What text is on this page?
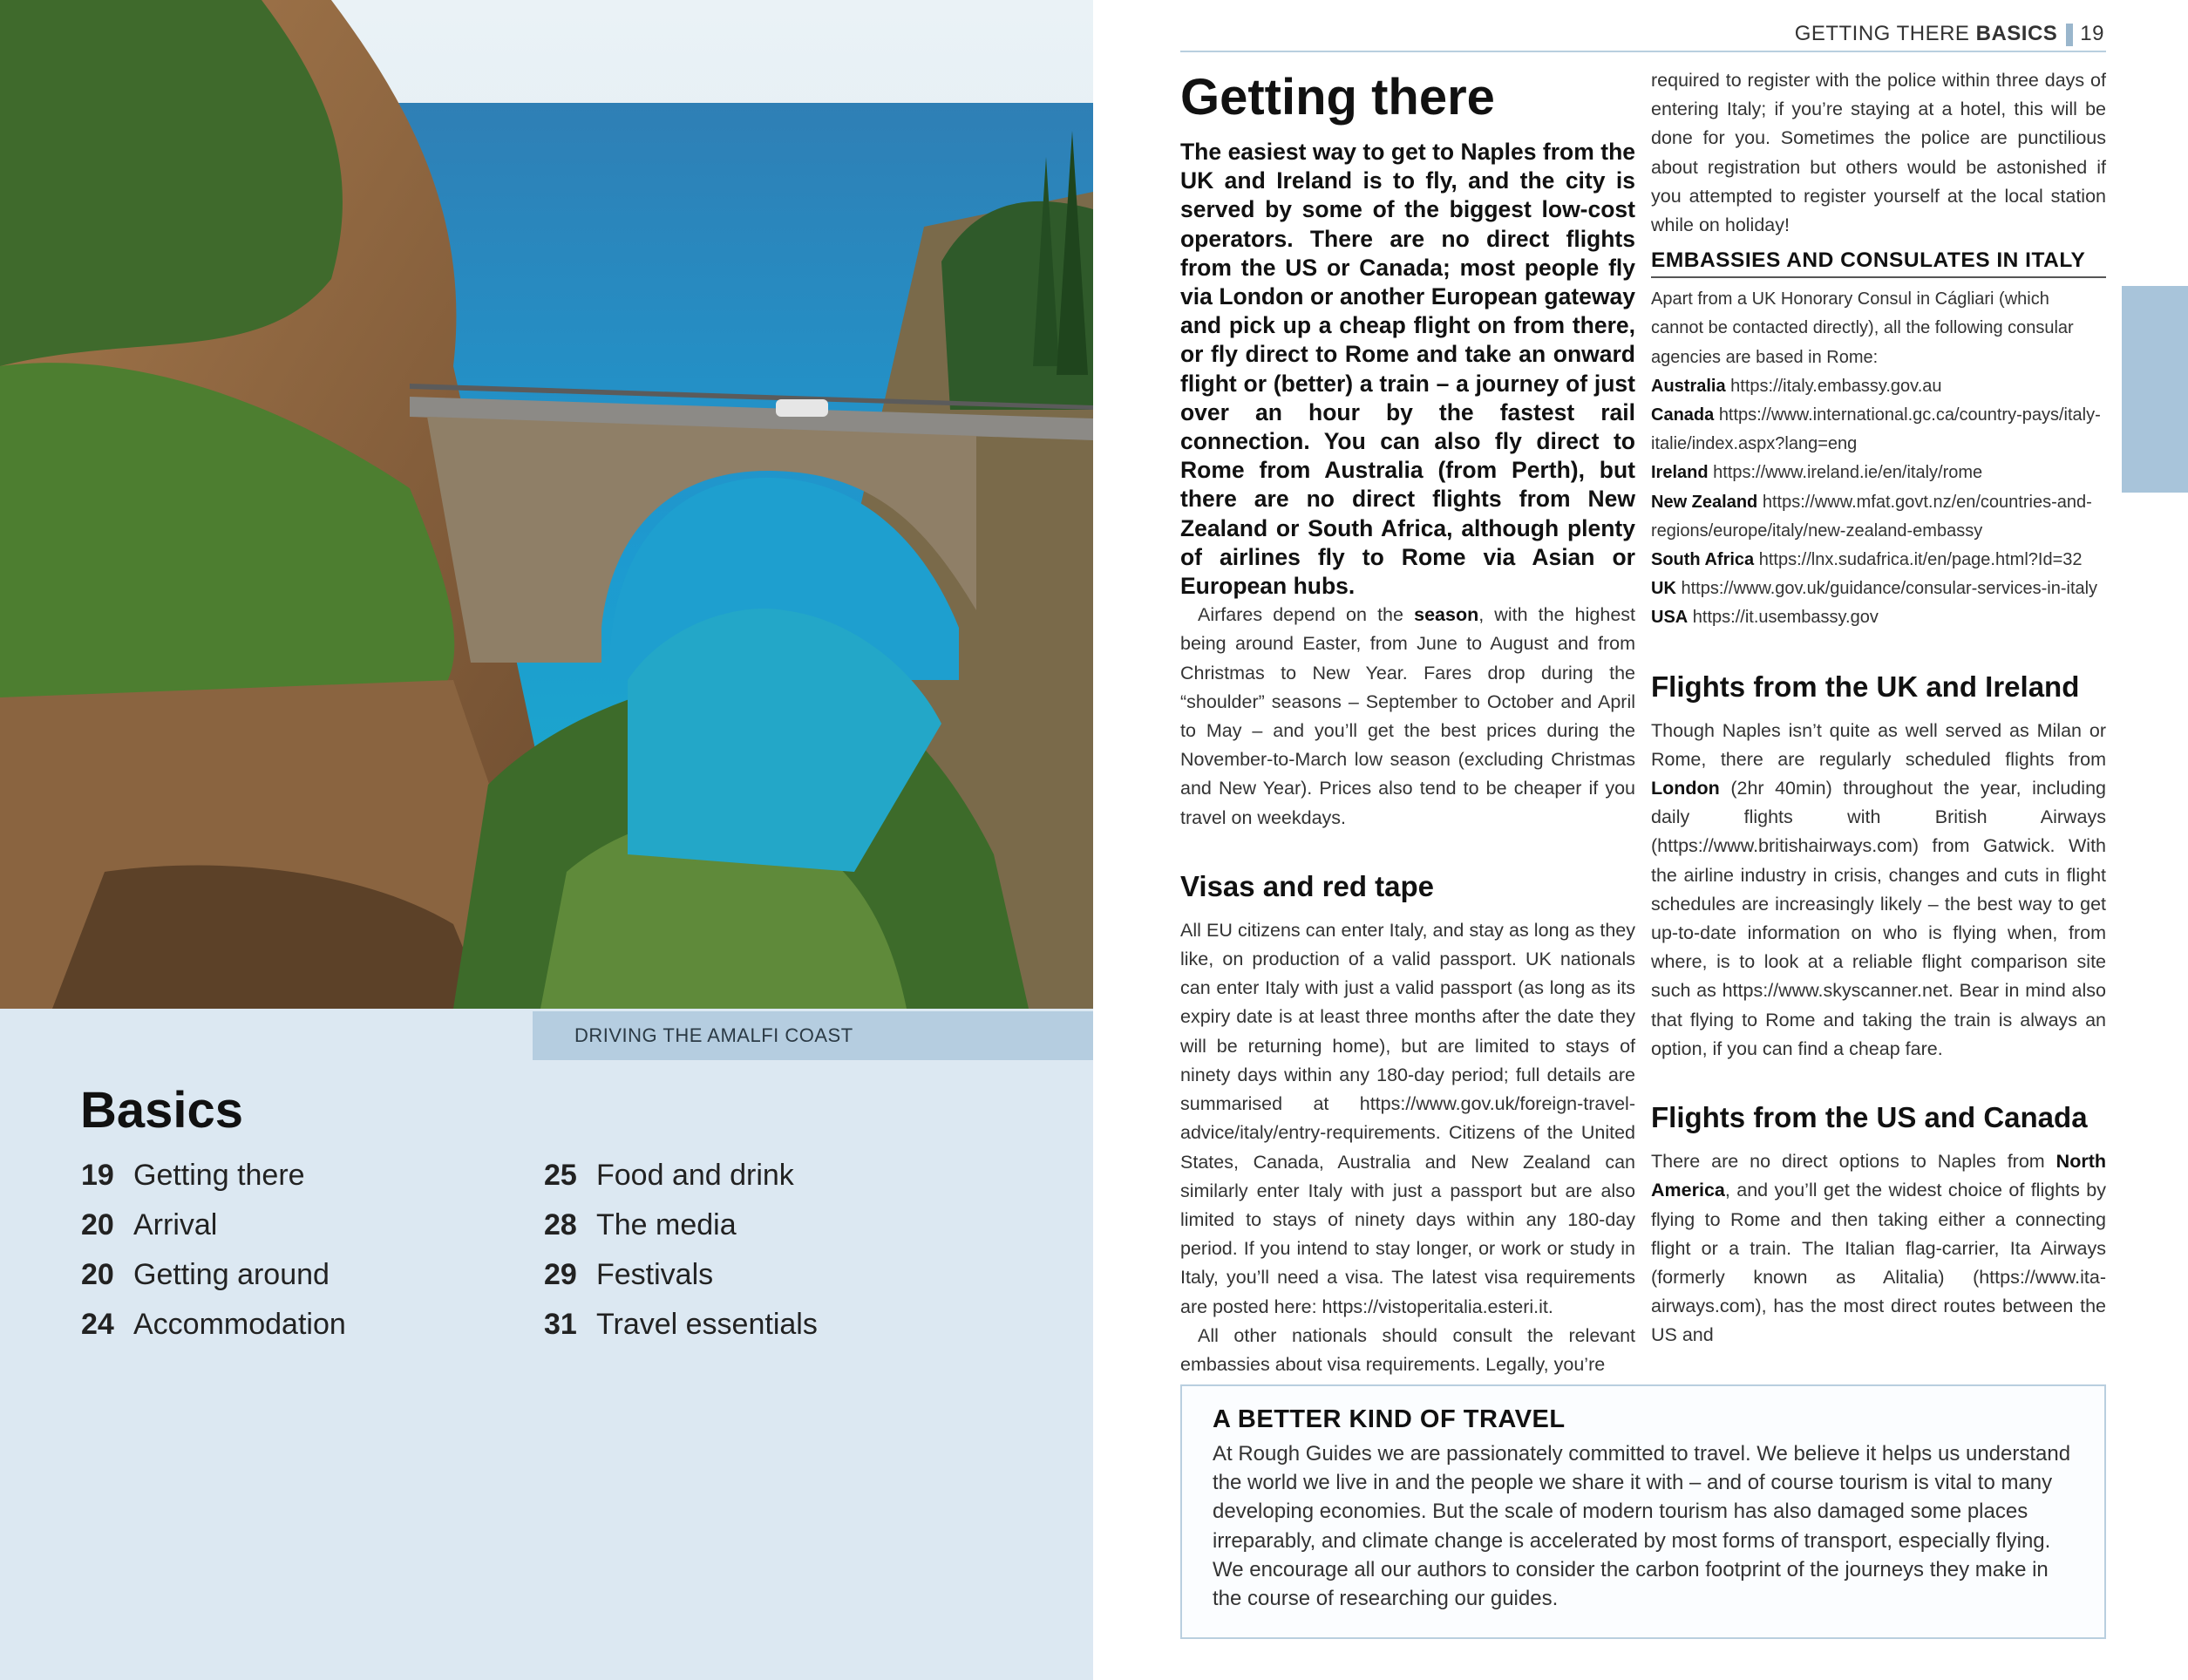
DRIVING THE AMALFI COAST
Basics
19 Getting there
20 Arrival
20 Getting around
24 Accommodation
25 Food and drink
28 The media
29 Festivals
31 Travel essentials
GETTING THERE BASICS 19
Getting there

The easiest way to get to Naples from the UK and Ireland is to fly, and the city is served by some of the biggest low-cost operators. There are no direct flights from the US or Canada; most people fly via London or another European gateway and pick up a cheap flight on from there, or fly direct to Rome and take an onward flight or (better) a train – a journey of just over an hour by the fastest rail connection. You can also fly direct to Rome from Australia (from Perth), but there are no direct flights from New Zealand or South Africa, although plenty of airlines fly to Rome via Asian or European hubs.

Airfares depend on the season, with the highest being around Easter, from June to August and from Christmas to New Year. Fares drop during the “shoulder” seasons – September to October and April to May – and you’ll get the best prices during the November-to-March low season (excluding Christmas and New Year). Prices also tend to be cheaper if you travel on weekdays.

Visas and red tape

All EU citizens can enter Italy, and stay as long as they like, on production of a valid passport. UK nationals can enter Italy with just a valid passport (as long as its expiry date is at least three months after the date they will be returning home), but are limited to stays of ninety days within any 180-day period; full details are summarised at https://www.gov.uk/foreign-travel-advice/italy/entry-requirements. Citizens of the United States, Canada, Australia and New Zealand can similarly enter Italy with just a passport but are also limited to stays of ninety days within any 180-day period. If you intend to stay longer, or work or study in Italy, you’ll need a visa. The latest visa requirements are posted here: https://vistoperitalia.esteri.it.

All other nationals should consult the relevant embassies about visa requirements. Legally, you’re

required to register with the police within three days of entering Italy; if you’re staying at a hotel, this will be done for you. Sometimes the police are punctilious about registration but others would be astonished if you attempted to register yourself at the local station while on holiday!

EMBASSIES AND CONSULATES IN ITALY
Apart from a UK Honorary Consul in Cágliari (which cannot be contacted directly), all the following consular agencies are based in Rome:
Australia https://italy.embassy.gov.au
Canada https://www.international.gc.ca/country-pays/italy-italie/index.aspx?lang=eng
Ireland https://www.ireland.ie/en/italy/rome
New Zealand https://www.mfat.govt.nz/en/countries-and-regions/europe/italy/new-zealand-embassy
South Africa https://lnx.sudafrica.it/en/page.html?Id=32
UK https://www.gov.uk/guidance/consular-services-in-italy
USA https://it.usembassy.gov
Flights from the UK and Ireland

Though Naples isn’t quite as well served as Milan or Rome, there are regularly scheduled flights from London (2hr 40min) throughout the year, including daily flights with British Airways (https://www.britishairways.com) from Gatwick. With the airline industry in crisis, changes and cuts in flight schedules are increasingly likely – the best way to get up-to-date information on who is flying when, from where, is to look at a reliable flight comparison site such as https://www.skyscanner.net. Bear in mind also that flying to Rome and taking the train is always an option, if you can find a cheap fare.

Flights from the US and Canada

There are no direct options to Naples from North America, and you’ll get the widest choice of flights by flying to Rome and then taking either a connecting flight or a train. The Italian flag-carrier, Ita Airways (formerly known as Alitalia) (https://www.ita-airways.com), has the most direct routes between the US and

A BETTER KIND OF TRAVEL
At Rough Guides we are passionately committed to travel. We believe it helps us understand the world we live in and the people we share it with – and of course tourism is vital to many developing economies. But the scale of modern tourism has also damaged some places irreparably, and climate change is accelerated by most forms of transport, especially flying. We encourage all our authors to consider the carbon footprint of the journeys they make in the course of researching our guides.
